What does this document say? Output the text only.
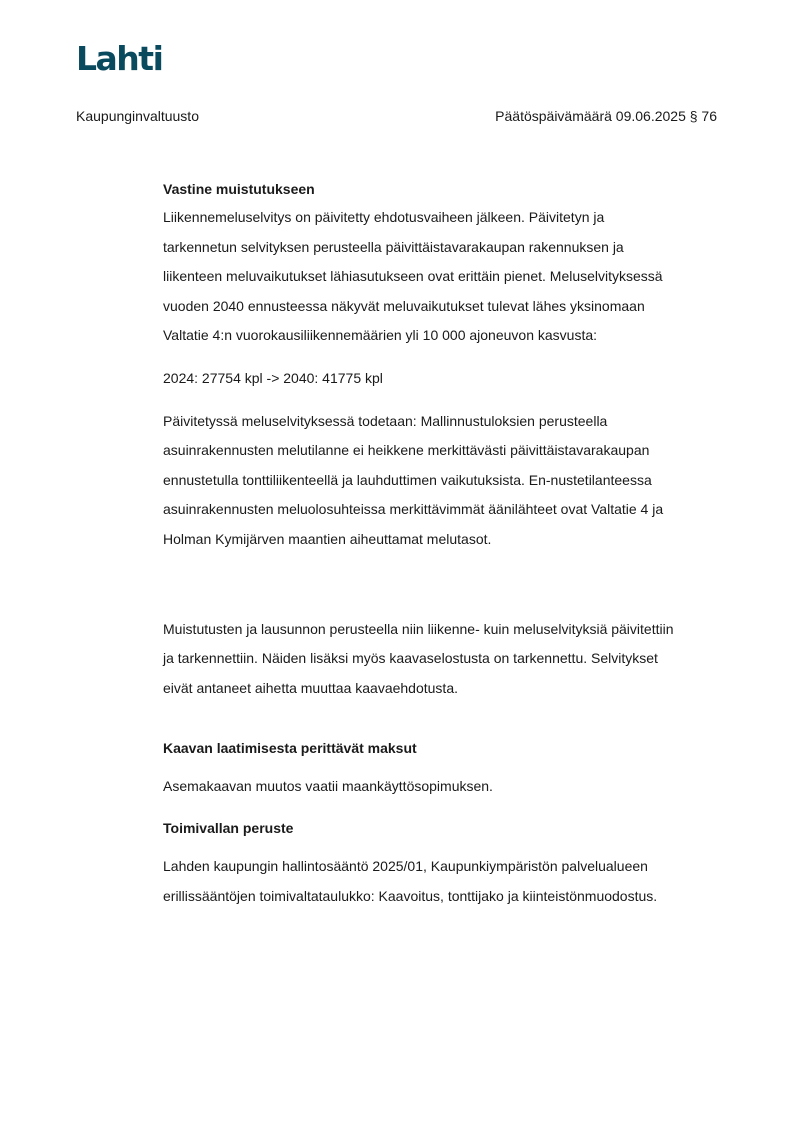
Lahti
Kaupunginvaltuusto	Päätöspäivämäärä 09.06.2025 § 76

Vastine muistutukseen

Liikennemeluselvitys on päivitetty ehdotusvaiheen jälkeen. Päivitetyn ja
tarkennetun selvityksen perusteella päivittäistavarakaupan rakennuksen ja
liikenteen meluvaikutukset lähiasutukseen ovat erittäin pienet. Meluselvityksessä
vuoden 2040 ennusteessa näkyvät meluvaikutukset tulevat lähes yksinomaan
Valtatie 4:n vuorokausiliikennemäärien yli 10 000 ajoneuvon kasvusta:

2024: 27754 kpl -> 2040: 41775 kpl

Päivitetyssä meluselvityksessä todetaan: Mallinnustuloksien perusteella
asuinrakennusten melutilanne ei heikkene merkittävästi päivittäistavarakaupan
ennustetulla tonttiliikenteellä ja lauhduttimen vaikutuksista. En-nustetilanteessa
asuinrakennusten meluolosuhteissa merkittävimmät äänilähteet ovat Valtatie 4 ja
Holman Kymijärven maantien aiheuttamat melutasot.

Muistutusten ja lausunnon perusteella niin liikenne- kuin meluselvityksiä päivitettiin
ja tarkennettiin. Näiden lisäksi myös kaavaselostusta on tarkennettu. Selvitykset
eivät antaneet aihetta muuttaa kaavaehdotusta.

Kaavan laatimisesta perittävät maksut

Asemakaavan muutos vaatii maankäyttösopimuksen.

Toimivallan peruste

Lahden kaupungin hallintosääntö 2025/01, Kaupunkiympäristön palvelualueen
erillissääntöjen toimivaltataulukko: Kaavoitus, tonttijako ja kiinteistönmuodostus.
